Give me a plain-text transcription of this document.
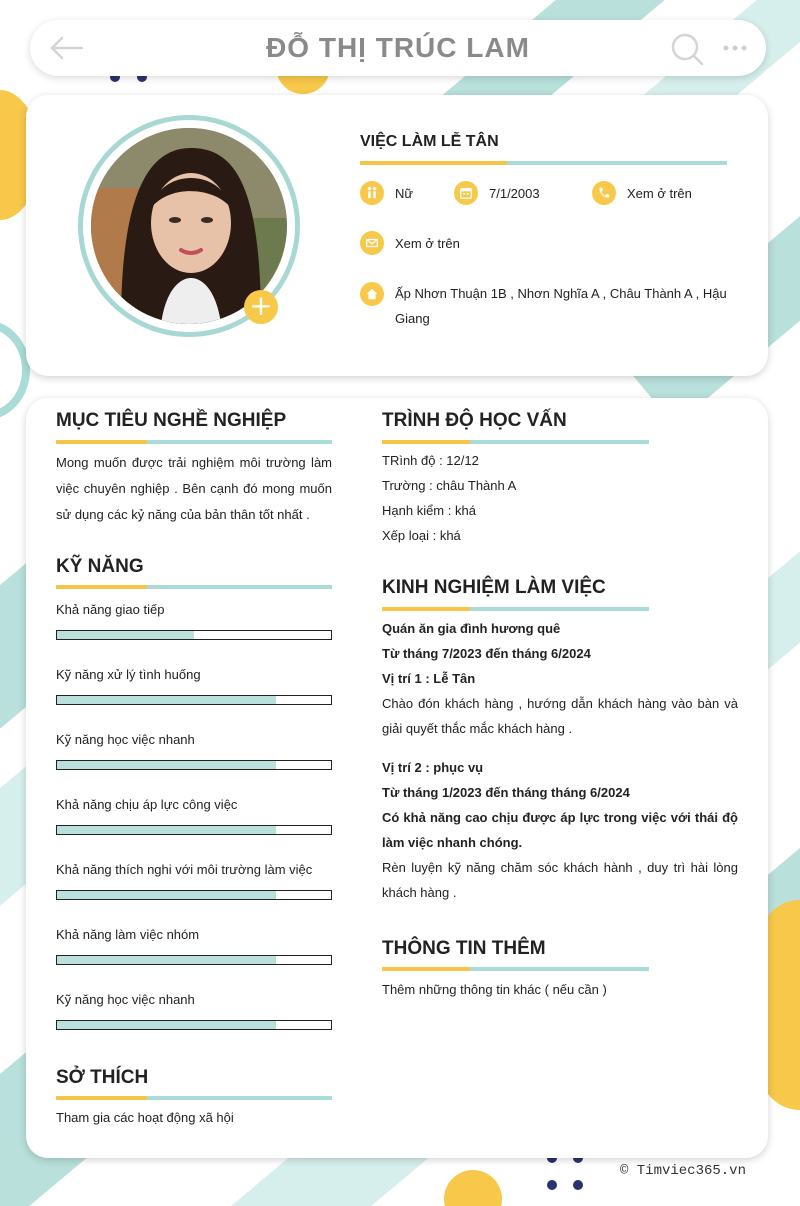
ĐỖ THỊ TRÚC LAM
+
VIỆC LÀM LỄ TÂN
Nữ	7/1/2003	Xem ở trên
Xem ở trên
Ấp Nhơn Thuận 1B , Nhơn Nghĩa A , Châu Thành A , Hậu Giang
MỤC TIÊU NGHỀ NGHIỆP
Mong muốn được trải nghiệm môi trường làm việc chuyên nghiệp . Bên cạnh đó mong muốn sử dụng các kỷ năng của bản thân tốt nhất .
KỸ NĂNG
Khả năng giao tiếp
Kỹ năng xử lý tình huống
Kỹ năng học việc nhanh
Khả năng chịu áp lực công việc
Khả năng thích nghi với môi trường làm việc
Khả năng làm việc nhóm
Kỹ năng học việc nhanh
SỞ THÍCH
Tham gia các hoạt động xã hội
TRÌNH ĐỘ HỌC VẤN
TRình độ : 12/12
Trường : châu Thành A
Hạnh kiểm : khá
Xếp loại : khá
KINH NGHIỆM LÀM VIỆC
Quán ăn gia đình hương quê
Từ tháng 7/2023 đến tháng 6/2024
Vị trí 1 : Lễ Tân
Chào đón khách hàng , hướng dẫn khách hàng vào bàn và giải quyết thắc mắc khách hàng .
Vị trí 2 : phục vụ
Từ tháng 1/2023 đến tháng tháng 6/2024
Có khả năng cao chịu được áp lực trong việc với thái độ làm việc nhanh chóng.
Rèn luyện kỹ năng chăm sóc khách hành , duy trì hài lòng khách hàng .
THÔNG TIN THÊM
Thêm những thông tin khác ( nếu cần )
© Timviec365.vn
